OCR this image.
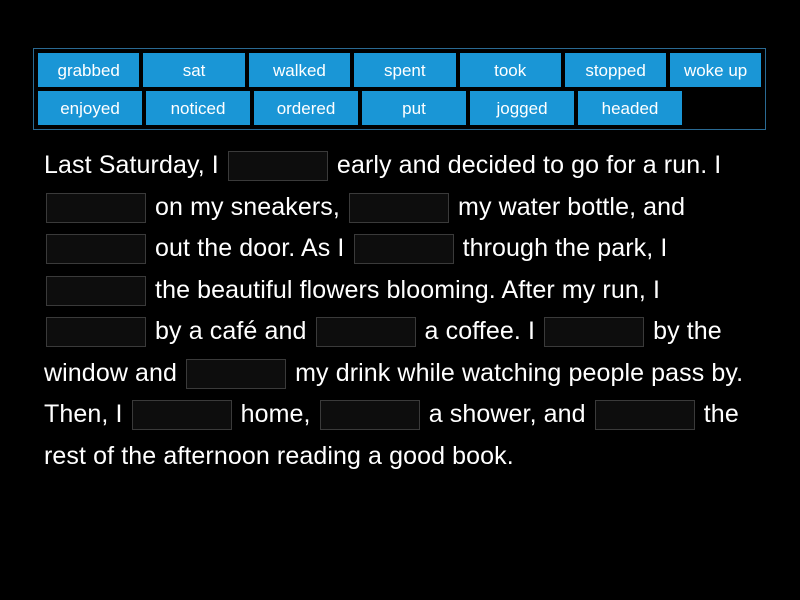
grabbed	sat	walked	spent	took	stopped	woke up
enjoyed	noticed	ordered	put	jogged	headed
Last Saturday, I	early and decided to go for a run. I  on my sneakers,	my water bottle, and  out the door. As I	through the park, I  the beautiful flowers blooming. After my run, I  by a café and	a coffee. I	by the window and	my drink while watching people pass by. Then, I	home,	a shower, and	the rest of the afternoon reading a good book.
